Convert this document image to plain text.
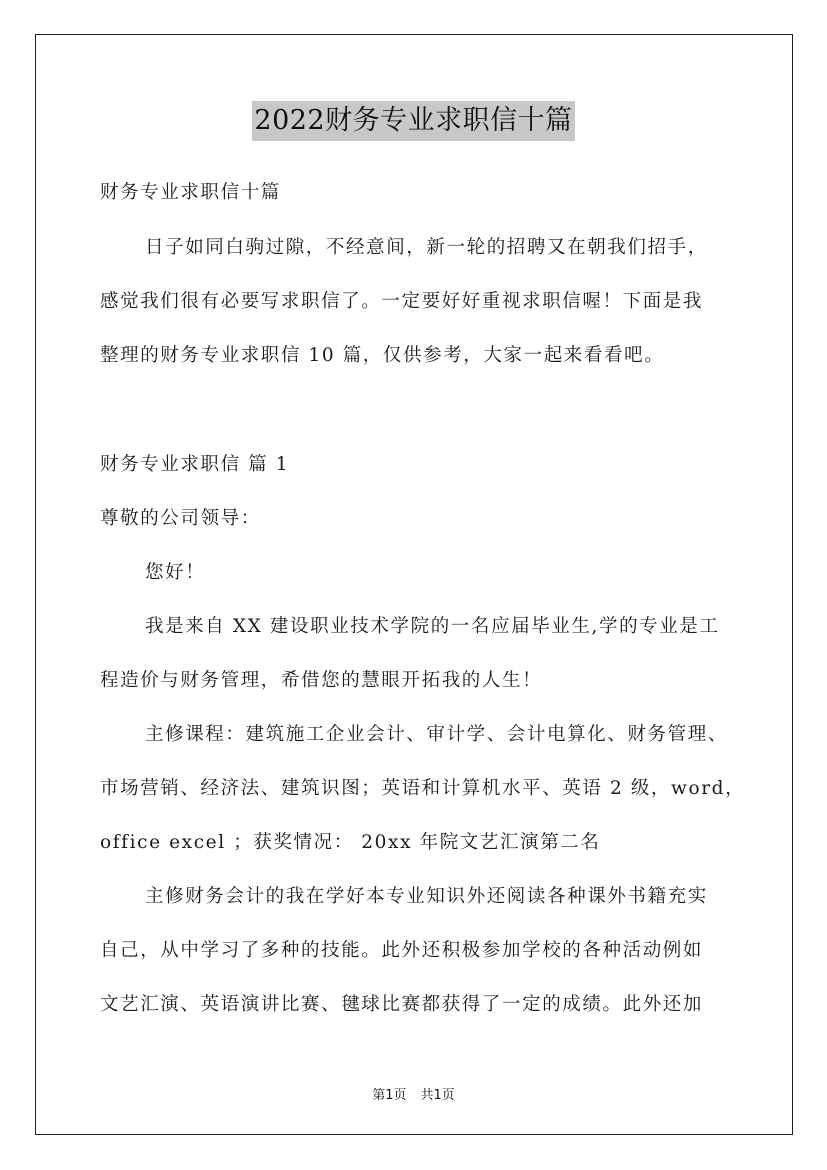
2022财务专业求职信十篇
财务专业求职信十篇
日子如同白驹过隙，不经意间，新一轮的招聘又在朝我们招手，
感觉我们很有必要写求职信了。一定要好好重视求职信喔！下面是我
整理的财务专业求职信 10 篇，仅供参考，大家一起来看看吧。
财务专业求职信 篇 1
尊敬的公司领导：
您好！
我是来自 XX 建设职业技术学院的一名应届毕业生,学的专业是工
程造价与财务管理，希借您的慧眼开拓我的人生！
主修课程：建筑施工企业会计、审计学、会计电算化、财务管理、
市场营销、经济法、建筑识图；英语和计算机水平、英语 2 级，word，
office excel ；获奖情况： 20xx 年院文艺汇演第二名
主修财务会计的我在学好本专业知识外还阅读各种课外书籍充实
自己，从中学习了多种的技能。此外还积极参加学校的各种活动例如
文艺汇演、英语演讲比赛、毽球比赛都获得了一定的成绩。此外还加
第1页 共1页
